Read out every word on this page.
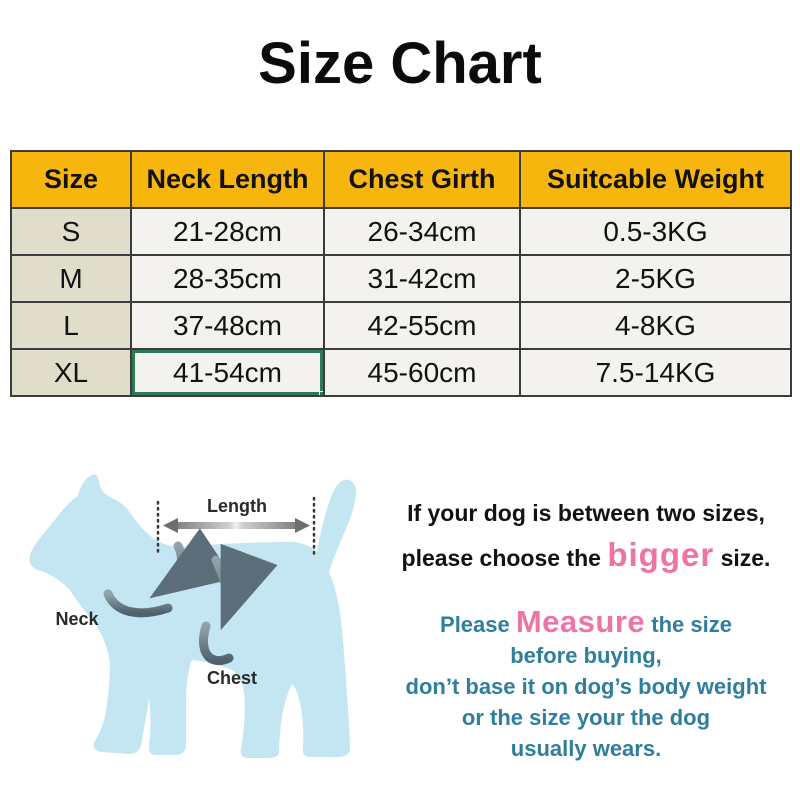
Size Chart
Size	Neck Length	Chest Girth	Suitcable Weight
S	21-28cm	26-34cm	0.5-3KG
M	28-35cm	31-42cm	2-5KG
L	37-48cm	42-55cm	4-8KG
XL	41-54cm	45-60cm	7.5-14KG
Length
Neck
Chest
If your dog is between two sizes,
please choose the bigger size.
Please Measure the size
before buying,
don’t base it on dog’s body weight
or the size your the dog
usually wears.
